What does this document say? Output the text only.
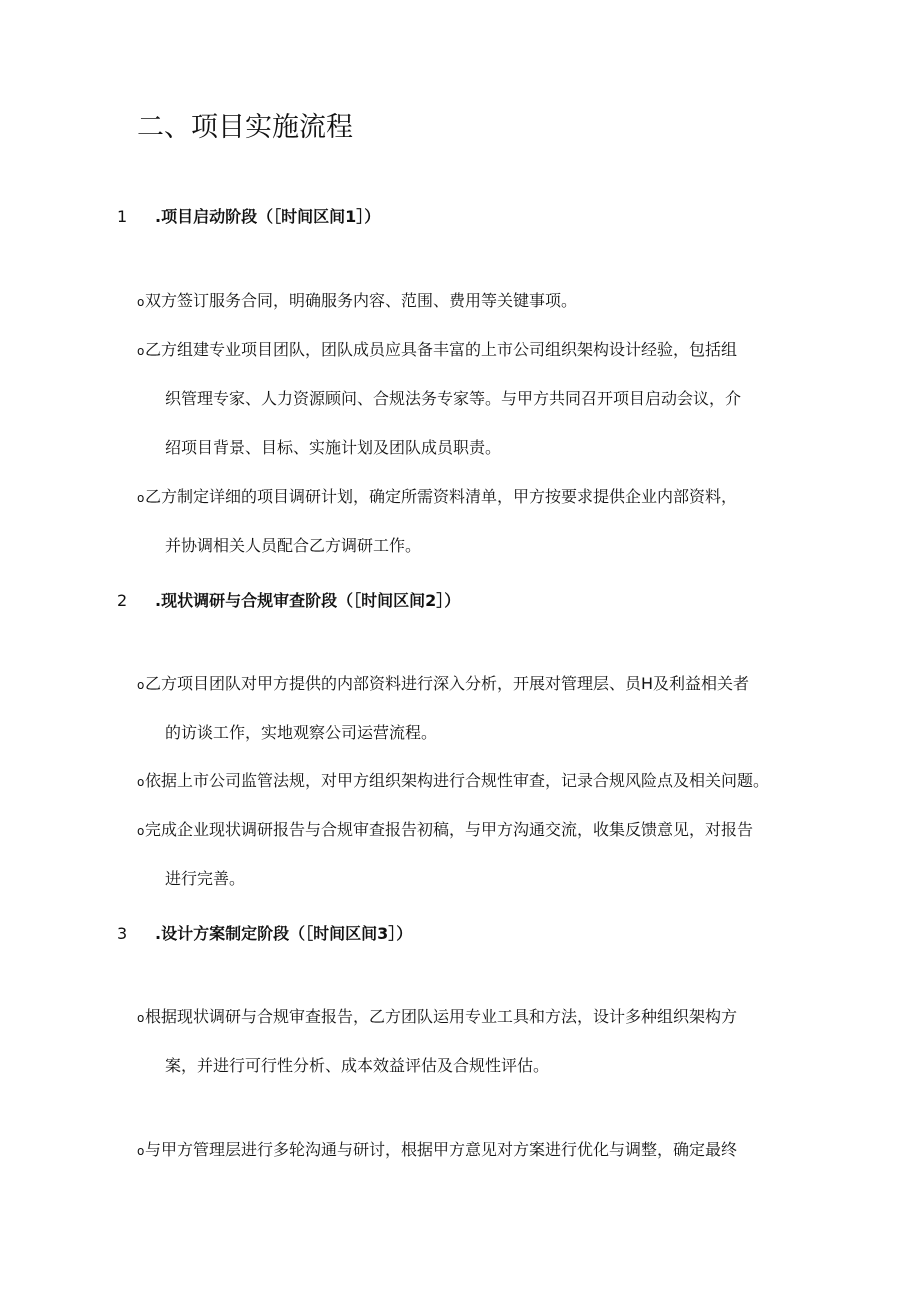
二、项目实施流程
1 .项目启动阶段（［时间区间1］）
o双方签订服务合同，明确服务内容、范围、费用等关键事项。
o乙方组建专业项目团队，团队成员应具备丰富的上市公司组织架构设计经验，包括组
织管理专家、人力资源顾问、合规法务专家等。与甲方共同召开项目启动会议，介
绍项目背景、目标、实施计划及团队成员职责。
o乙方制定详细的项目调研计划，确定所需资料清单，甲方按要求提供企业内部资料，
并协调相关人员配合乙方调研工作。
2 .现状调研与合规审查阶段（［时间区间2］）
o乙方项目团队对甲方提供的内部资料进行深入分析，开展对管理层、员H及利益相关者
的访谈工作，实地观察公司运营流程。
o依据上市公司监管法规，对甲方组织架构进行合规性审查，记录合规风险点及相关问题。
o完成企业现状调研报告与合规审查报告初稿，与甲方沟通交流，收集反馈意见，对报告
进行完善。
3 .设计方案制定阶段（［时间区间3］）
o根据现状调研与合规审查报告，乙方团队运用专业工具和方法，设计多种组织架构方
案，并进行可行性分析、成本效益评估及合规性评估。
o与甲方管理层进行多轮沟通与研讨，根据甲方意见对方案进行优化与调整，确定最终
